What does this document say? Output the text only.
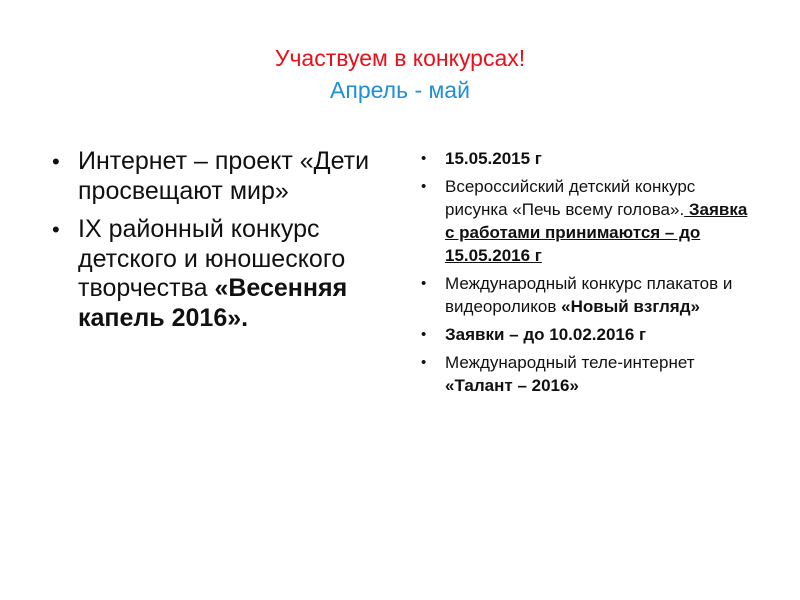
Участвуем в конкурсах!
Апрель - май
• Интернет – проект «Дети просвещают мир»
• IX районный конкурс детского и юношеского творчества «Весенняя капель 2016».
• 15.05.2015 г
• Всероссийский детский конкурс рисунка «Печь всему голова». Заявка с работами принимаются – до 15.05.2016 г
• Международный конкурс плакатов и видеороликов «Новый взгляд»
• Заявки – до 10.02.2016 г
• Международный теле-интернет «Талант – 2016»
